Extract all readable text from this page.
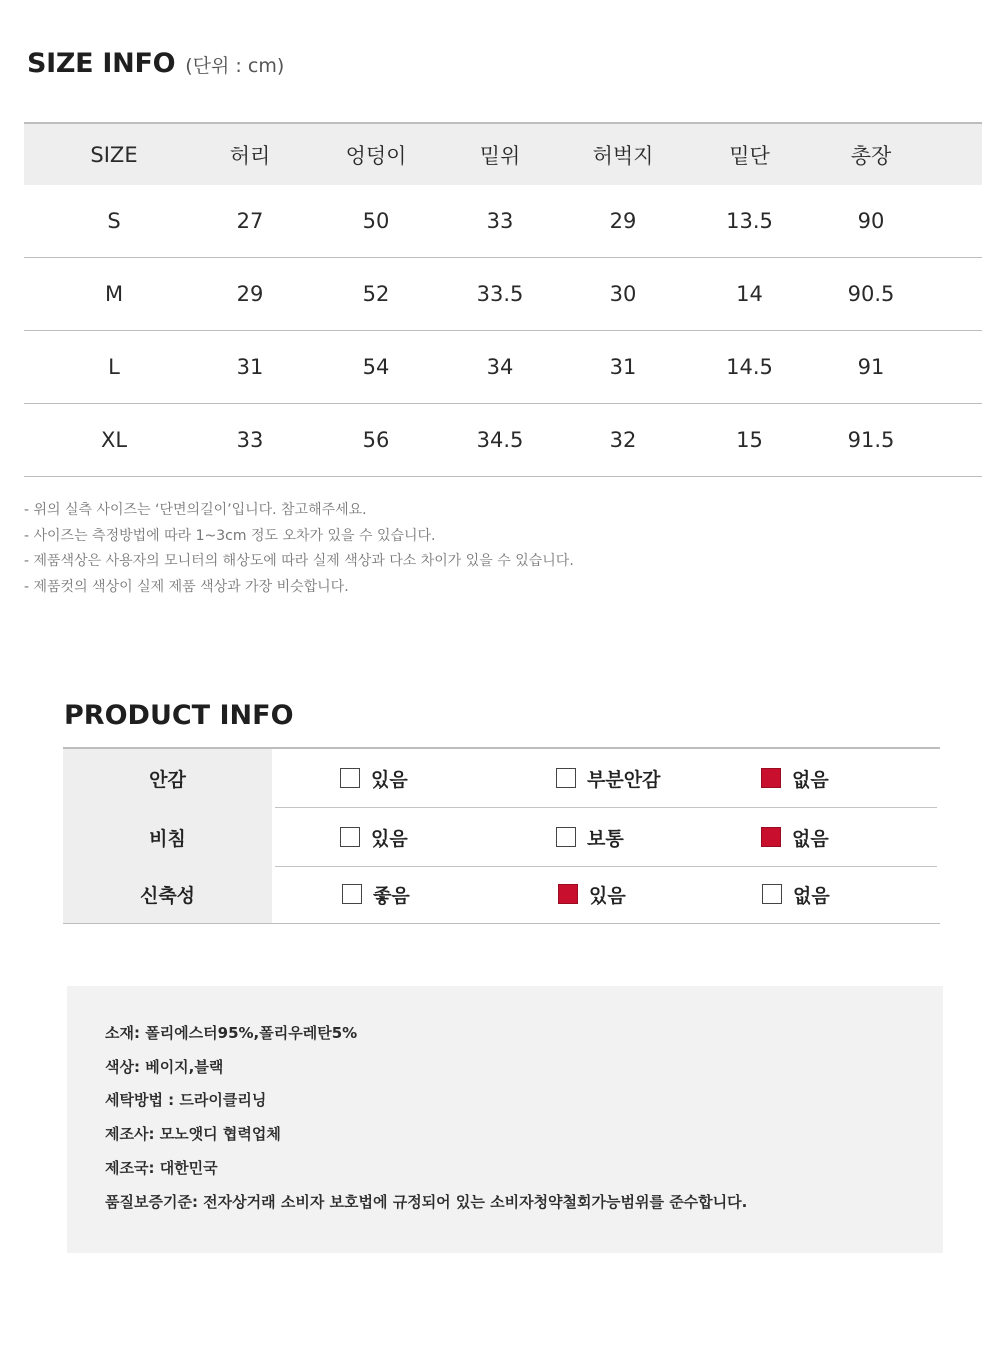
SIZE INFO (단위 : cm)
SIZE	허리	엉덩이	밑위	허벅지	밑단	총장
S	27	50	33	29	13.5	90
M	29	52	33.5	30	14	90.5
L	31	54	34	31	14.5	91
XL	33	56	34.5	32	15	91.5

- 위의 실측 사이즈는 ‘단면의길이’입니다. 참고해주세요.

- 사이즈는 측정방법에 따라 1~3cm 정도 오차가 있을 수 있습니다.

- 제품색상은 사용자의 모니터의 해상도에 따라 실제 색상과 다소 차이가 있을 수 있습니다.

- 제품컷의 색상이 실제 제품 색상과 가장 비슷합니다.

PRODUCT INFO
안감	있음	부분안감	없음
비침	있음	보통	없음
신축성	좋음	있음	없음

소재: 폴리에스터95%,폴리우레탄5%

색상: 베이지,블랙

세탁방법 : 드라이클리닝

제조사: 모노앳디 협력업체

제조국: 대한민국

품질보증기준: 전자상거래 소비자 보호법에 규정되어 있는 소비자청약철회가능범위를 준수합니다.
